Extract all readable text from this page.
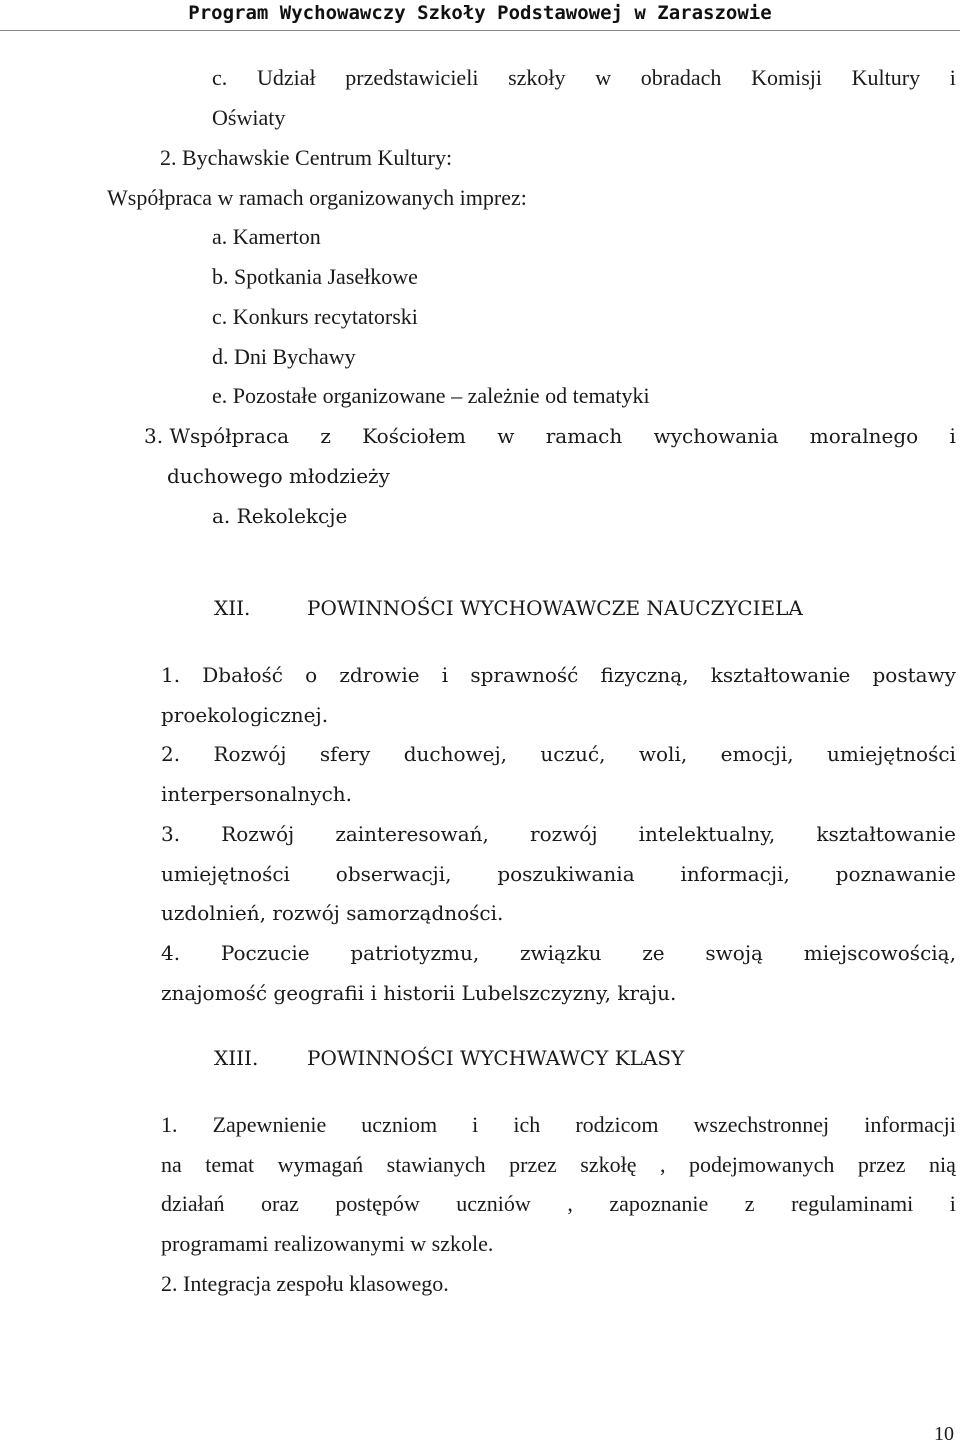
Program Wychowawczy Szkoły Podstawowej w Zaraszowie
c. Udział przedstawicieli szkoły w obradach Komisji Kultury i
Oświaty
2. Bychawskie Centrum Kultury:
Współpraca w ramach organizowanych imprez:
a. Kamerton
b. Spotkania Jasełkowe
c. Konkurs recytatorski
d. Dni Bychawy
e. Pozostałe organizowane – zależnie od tematyki
3. Współpraca z Kościołem w ramach wychowania moralnego i
duchowego młodzieży
a. Rekolekcje
XII.	POWINNOŚCI WYCHOWAWCZE NAUCZYCIELA
1. Dbałość o zdrowie i sprawność fizyczną, kształtowanie postawy
proekologicznej.
2. Rozwój sfery duchowej, uczuć, woli, emocji, umiejętności
interpersonalnych.
3. Rozwój zainteresowań, rozwój intelektualny, kształtowanie
umiejętności obserwacji, poszukiwania informacji, poznawanie
uzdolnień, rozwój samorządności.
4. Poczucie patriotyzmu, związku ze swoją miejscowością,
znajomość geografii i historii Lubelszczyzny, kraju.
XIII. POWINNOŚCI WYCHWAWCY KLASY
1. Zapewnienie uczniom i ich rodzicom wszechstronnej informacji
na temat wymagań stawianych przez szkołę , podejmowanych przez nią
działań oraz postępów uczniów , zapoznanie z regulaminami i
programami realizowanymi w szkole.
2. Integracja zespołu klasowego.
10
